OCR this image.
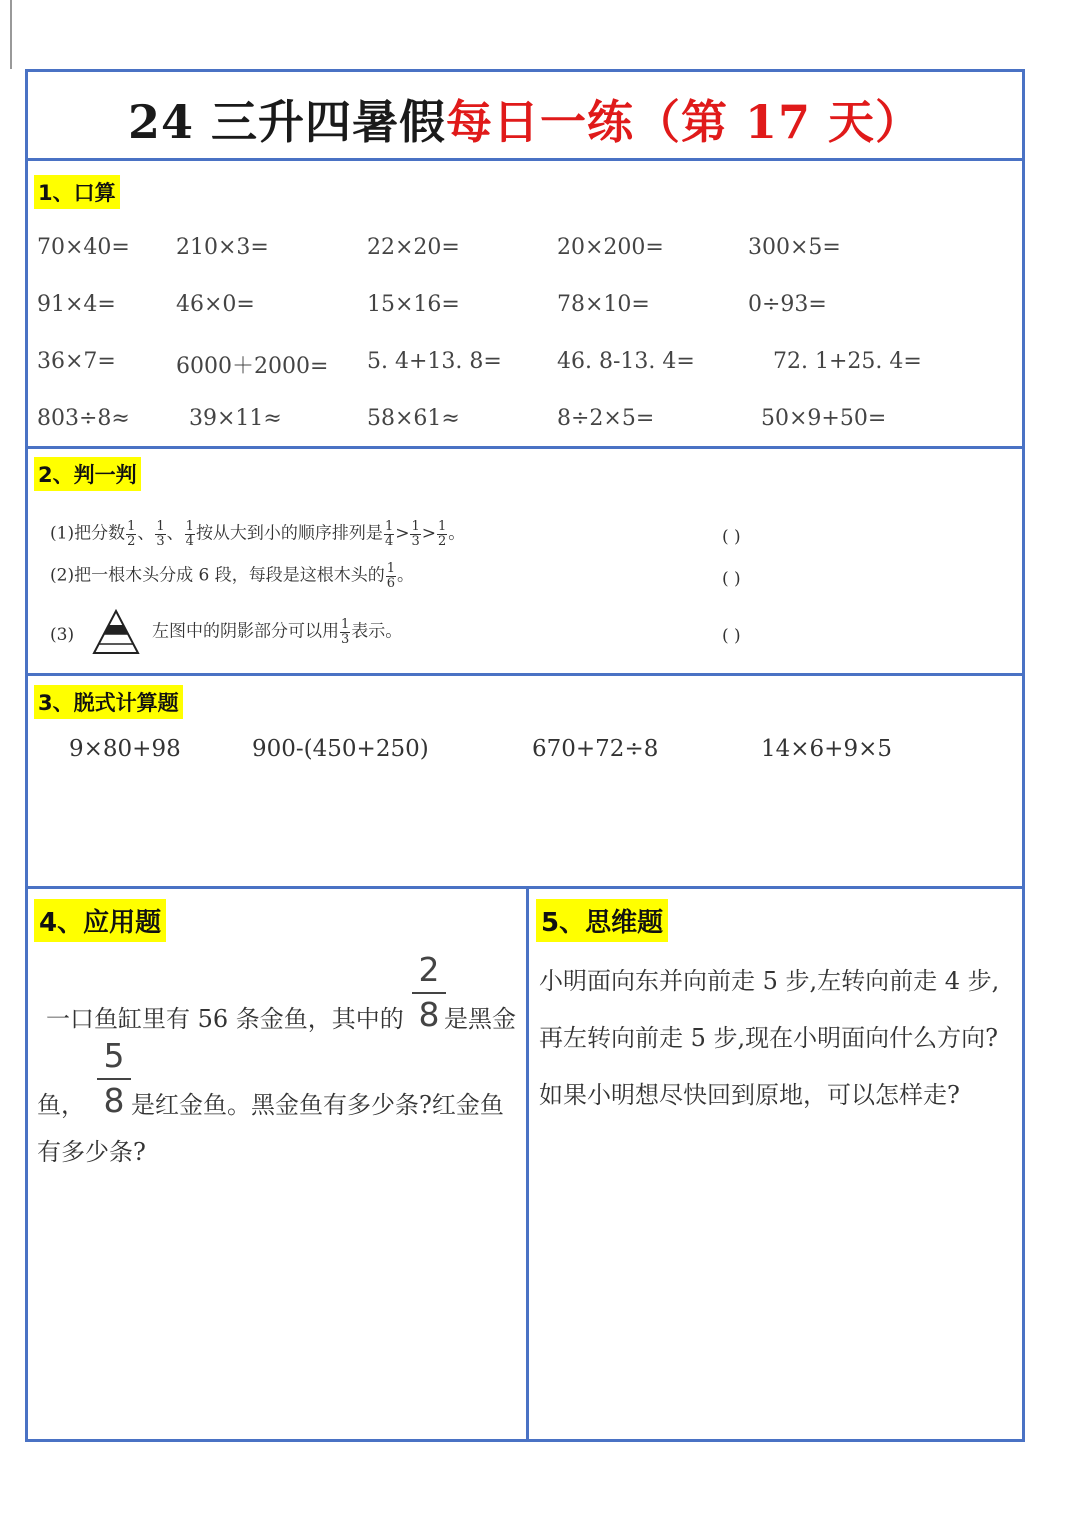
24 三升四暑假每日一练（第 17 天）
1、口算
70×40= 210×3=	22×20=	20×200=	300×5=
91×4=	46×0=	15×16=	78×10=	0÷93=
36×7=	6000＋2000= 5. 4+13. 8=	46. 8-13. 4=	72. 1+25. 4=
803÷8≈	39×11≈	58×61≈	8÷2×5=	50×9+50=
2、判一判
(1)把分数 $\frac{1}{2}$ 、 $\frac{1}{3}$ 、 $\frac{1}{4}$ 按从大到小的顺序排列是 $\frac{1}{4} > \frac{1}{3} > \frac{1}{2}$ 。	( )
(2)把一根木头分成 6 段，每段是这根木头的 $\frac{1}{6}$ 。	( )
(3)	左图中的阴影部分可以用 $\frac{1}{3}$ 表示。	( )
3、脱式计算题
9×80+98	900-(450+250)	670+72÷8	14×6+9×5
4、应用题
一口鱼缸里有 56 条金鱼，其中的
2
8 是黑金
鱼，
5
8 是红金鱼。黑金鱼有多少条?红金鱼
有多少条?
5、思维题
小明面向东并向前走 5 步,左转向前走 4 步,
再左转向前走 5 步,现在小明面向什么方向?
如果小明想尽快回到原地，可以怎样走?
